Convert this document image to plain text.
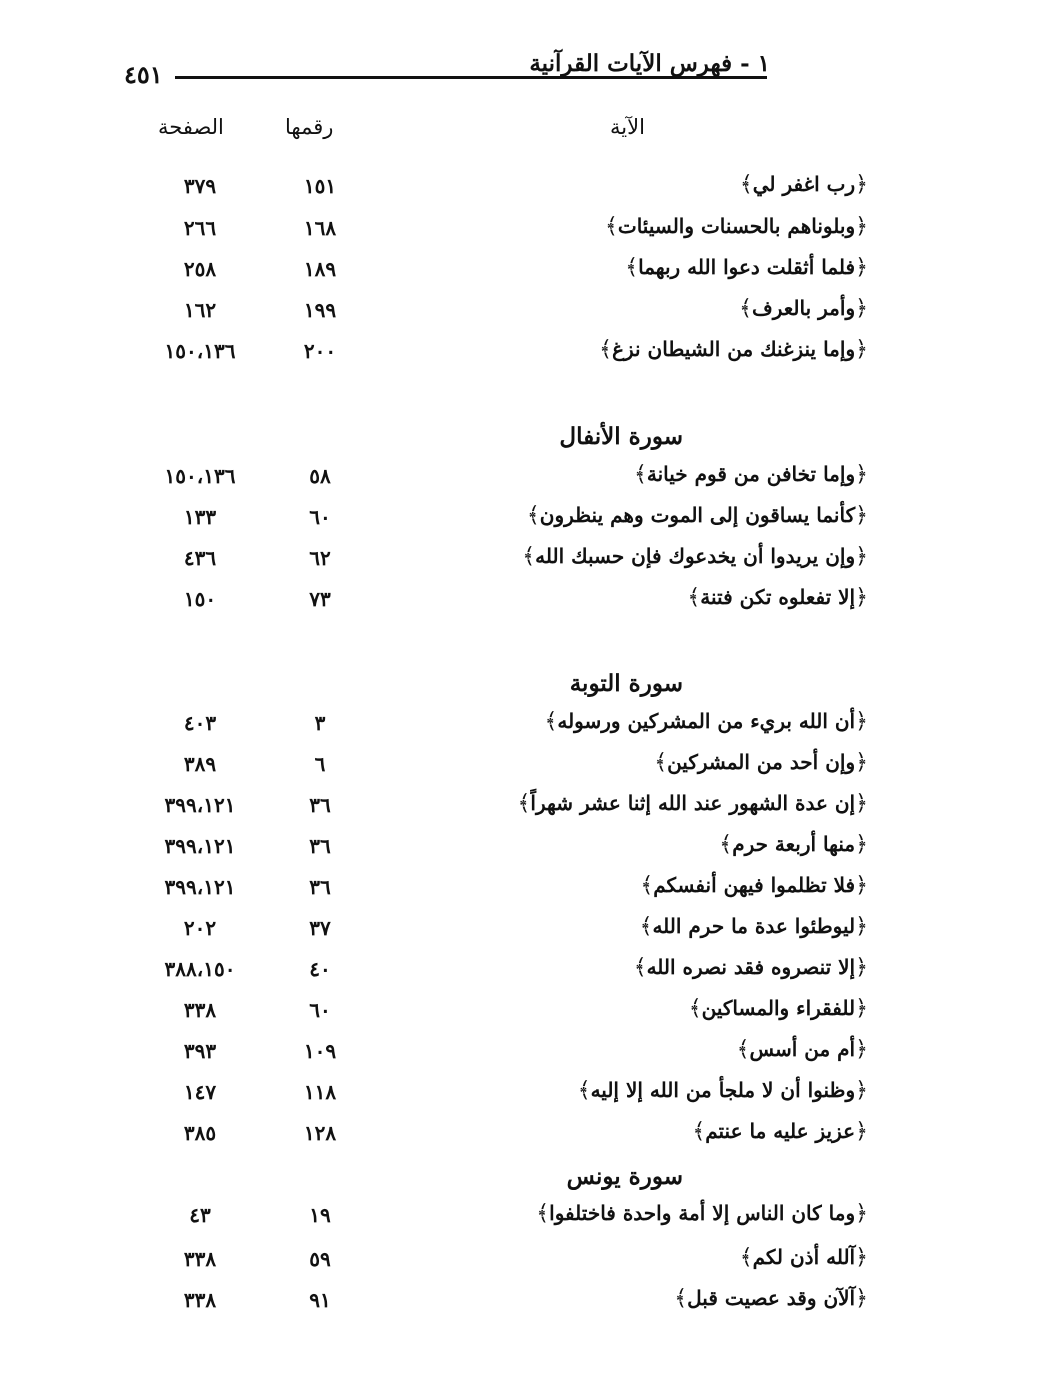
٤٥١	١ - فهرس الآيات القرآنية
الصفحة	رقمها	الآية
٣٧٩	١٥١	﴿رب اغفر لي﴾
٢٦٦	١٦٨	﴿وبلوناهم بالحسنات والسيئات﴾
٢٥٨	١٨٩	﴿فلما أثقلت دعوا الله ربهما﴾
١٦٢	١٩٩	﴿وأمر بالعرف﴾
١٥٠،١٣٦	٢٠٠	﴿وإما ينزغنك من الشيطان نزغ﴾
سورة الأنفال
١٥٠،١٣٦	٥٨	﴿وإما تخافن من قوم خيانة﴾
١٣٣	٦٠	﴿كأنما يساقون إلى الموت وهم ينظرون﴾
٤٣٦	٦٢	﴿وإن يريدوا أن يخدعوك فإن حسبك الله﴾
١٥٠	٧٣	﴿إلا تفعلوه تكن فتنة﴾
سورة التوبة
٤٠٣	٣	﴿أن الله بريء من المشركين ورسوله﴾
٣٨٩	٦	﴿وإن أحد من المشركين﴾
٣٩٩،١٢١	٣٦	﴿إن عدة الشهور عند الله إثنا عشر شهراً﴾
٣٩٩،١٢١	٣٦	﴿منها أربعة حرم﴾
٣٩٩،١٢١	٣٦	﴿فلا تظلموا فيهن أنفسكم﴾
٢٠٢	٣٧	﴿ليوطئوا عدة ما حرم الله﴾
٣٨٨،١٥٠	٤٠	﴿إلا تنصروه فقد نصره الله﴾
٣٣٨	٦٠	﴿للفقراء والمساكين﴾
٣٩٣	١٠٩	﴿أم من أسس﴾
١٤٧	١١٨	﴿وظنوا أن لا ملجأ من الله إلا إليه﴾
٣٨٥	١٢٨	﴿عزيز عليه ما عنتم﴾
سورة يونس
٤٣	١٩	﴿وما كان الناس إلا أمة واحدة فاختلفوا﴾
٣٣٨	٥٩	﴿آلله أذن لكم﴾
٣٣٨	٩١	﴿آلآن وقد عصيت قبل﴾
